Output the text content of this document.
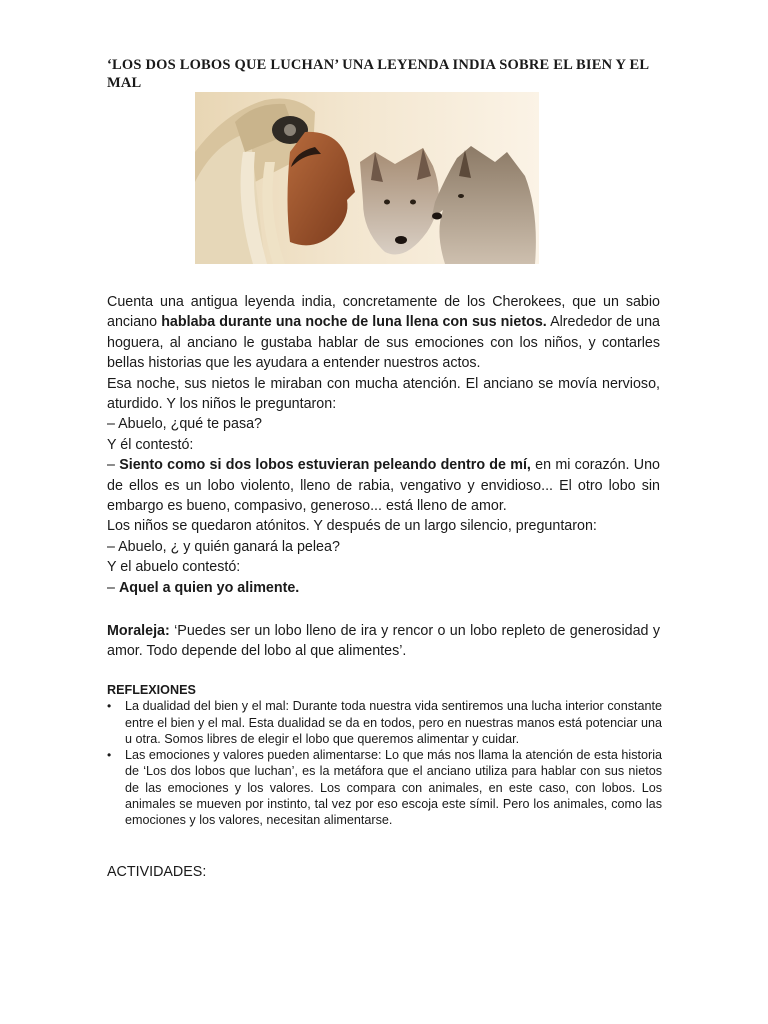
‘LOS DOS LOBOS QUE LUCHAN’ UNA LEYENDA INDIA SOBRE EL BIEN Y EL MAL

Cuenta una antigua leyenda india, concretamente de los Cherokees, que un sabio anciano hablaba durante una noche de luna llena con sus nietos. Alrededor de una hoguera, al anciano le gustaba hablar de sus emociones con los niños, y contarles bellas historias que les ayudara a entender nuestros actos.

Esa noche, sus nietos le miraban con mucha atención. El anciano se movía nervioso, aturdido. Y los niños le preguntaron:

– Abuelo, ¿qué te pasa?

Y él contestó:

– Siento como si dos lobos estuvieran peleando dentro de mí, en mi corazón. Uno de ellos es un lobo violento, lleno de rabia, vengativo y envidioso... El otro lobo sin embargo es bueno, compasivo, generoso... está lleno de amor.

Los niños se quedaron atónitos. Y después de un largo silencio, preguntaron:

– Abuelo, ¿ y quién ganará la pelea?

Y el abuelo contestó:

– Aquel a quien yo alimente.

Moraleja: ‘Puedes ser un lobo lleno de ira y rencor o un lobo repleto de generosidad y amor. Todo depende del lobo al que alimentes’.

REFLEXIONES
• La dualidad del bien y el mal: Durante toda nuestra vida sentiremos una lucha interior constante entre el bien y el mal. Esta dualidad se da en todos, pero en nuestras manos está potenciar una u otra. Somos libres de elegir el lobo que queremos alimentar y cuidar.
• Las emociones y valores pueden alimentarse: Lo que más nos llama la atención de esta historia de ‘Los dos lobos que luchan’, es la metáfora que el anciano utiliza para hablar con sus nietos de las emociones y los valores. Los compara con animales, en este caso, con lobos. Los animales se mueven por instinto, tal vez por eso escoja este símil. Pero los animales, como las emociones y los valores, necesitan alimentarse.

ACTIVIDADES:
